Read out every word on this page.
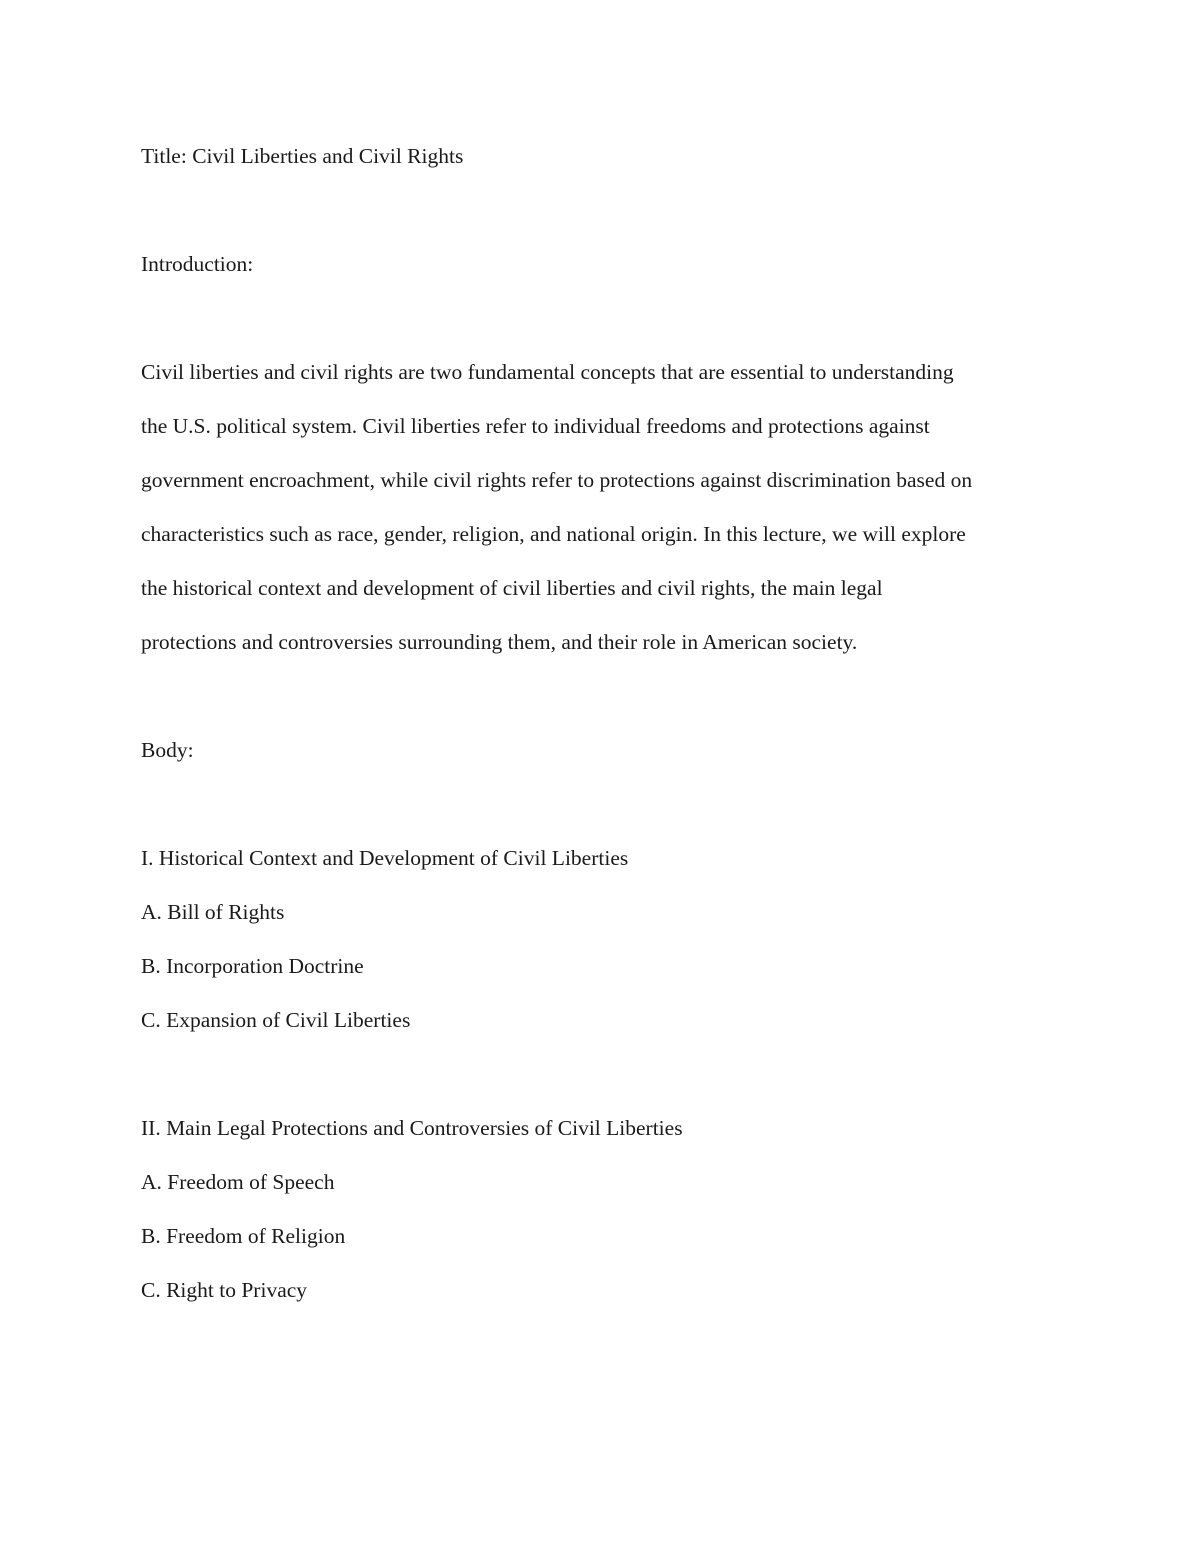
Title: Civil Liberties and Civil Rights
Introduction:
Civil liberties and civil rights are two fundamental concepts that are essential to understanding
the U.S. political system. Civil liberties refer to individual freedoms and protections against
government encroachment, while civil rights refer to protections against discrimination based on
characteristics such as race, gender, religion, and national origin. In this lecture, we will explore
the historical context and development of civil liberties and civil rights, the main legal
protections and controversies surrounding them, and their role in American society.
Body:
I. Historical Context and Development of Civil Liberties
A. Bill of Rights
B. Incorporation Doctrine
C. Expansion of Civil Liberties
II. Main Legal Protections and Controversies of Civil Liberties
A. Freedom of Speech
B. Freedom of Religion
C. Right to Privacy
